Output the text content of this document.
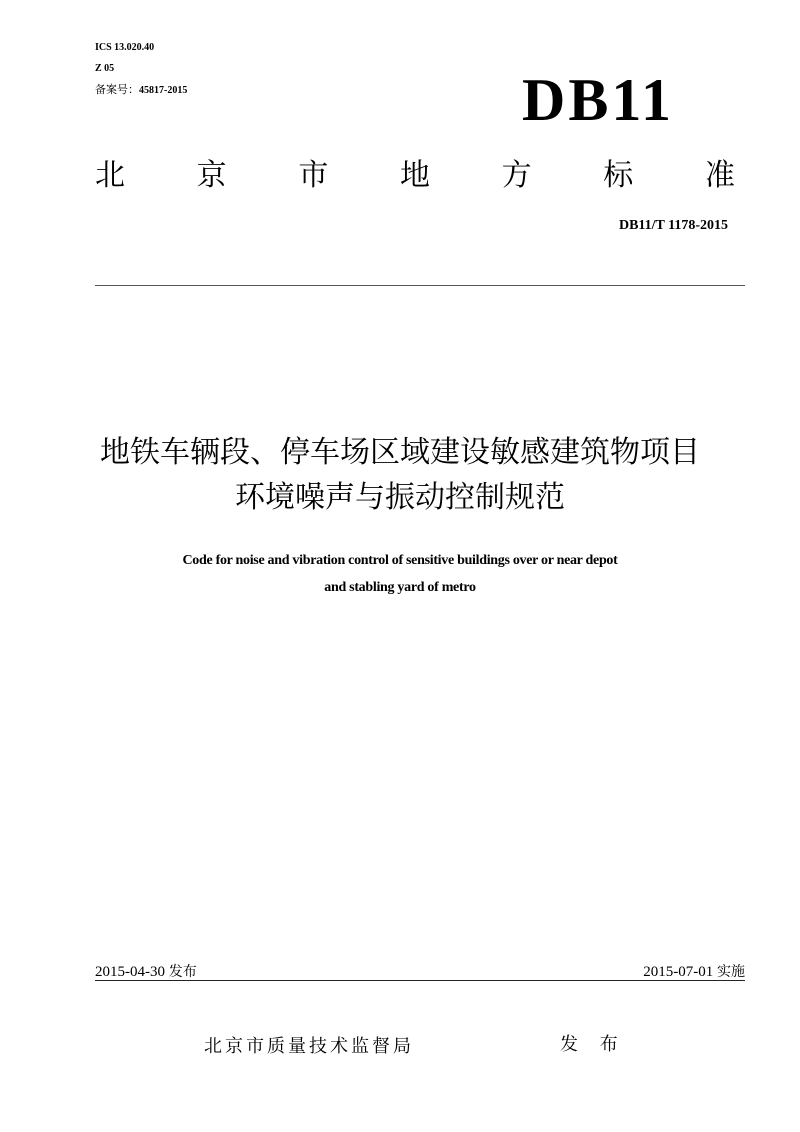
ICS 13.020.40
Z 05
备案号：45817-2015	DB11
北 京 市 地 方 标 准
DB11/T 1178-2015
地铁车辆段、停车场区域建设敏感建筑物项目
环境噪声与振动控制规范
Code for noise and vibration control of sensitive buildings over or near depot
and stabling yard of metro
2015-04-30 发布	2015-07-01 实施
北京市质量技术监督局	发 布
